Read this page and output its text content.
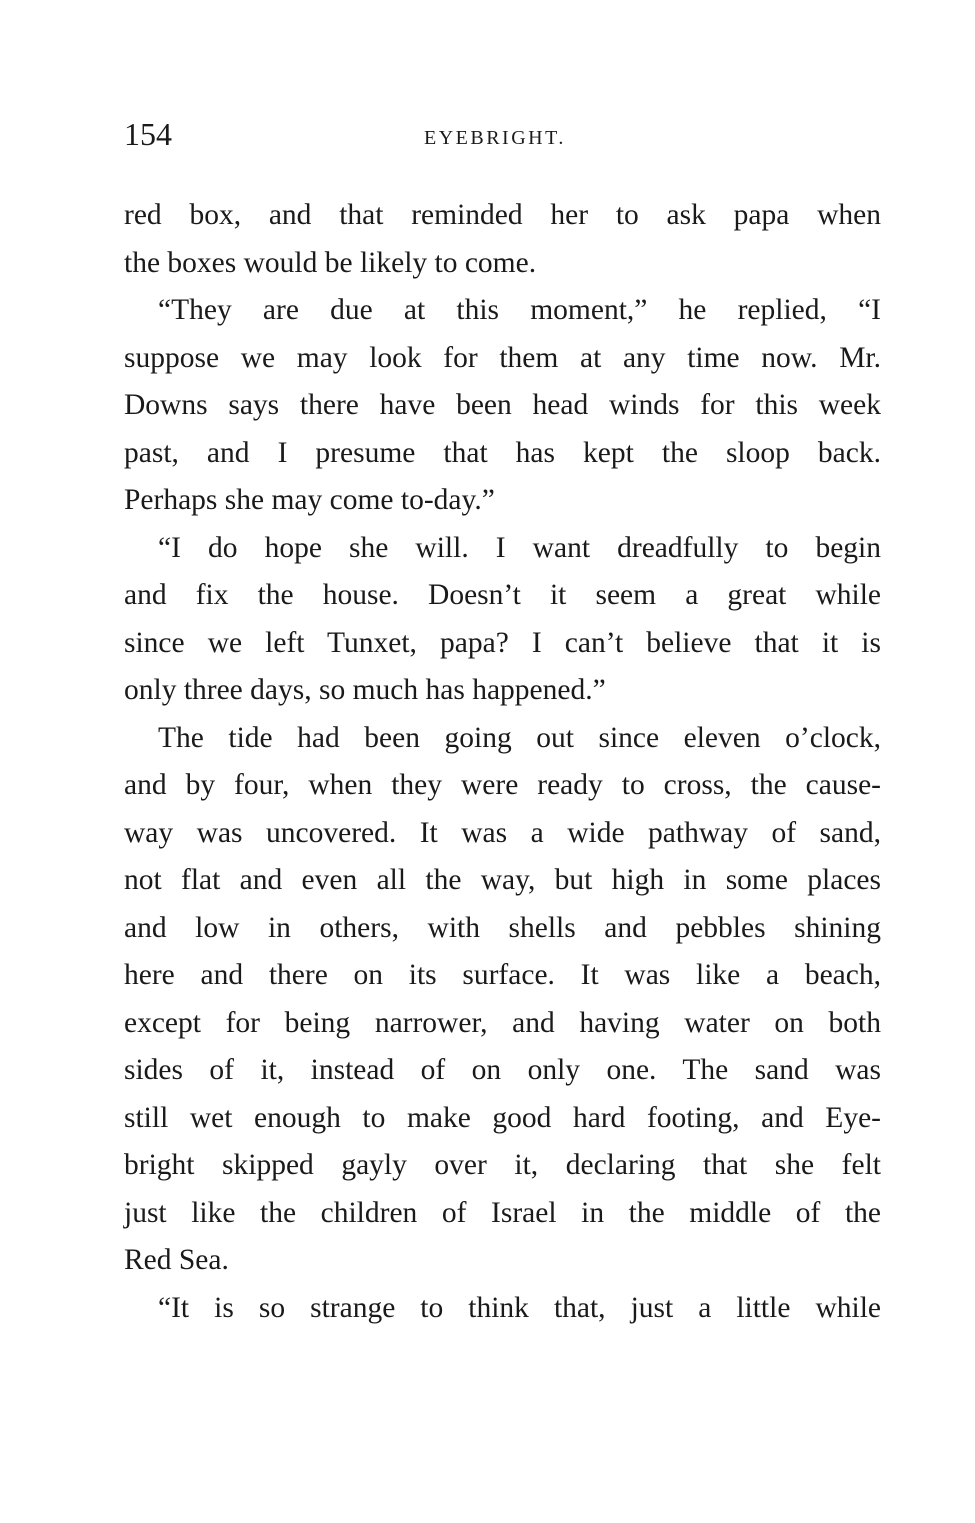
154	EYEBRIGHT.

red box, and that reminded her to ask papa when
the boxes would be likely to come.

“They are due at this moment,” he replied, “I
suppose we may look for them at any time now. Mr.
Downs says there have been head winds for this week
past, and I presume that has kept the sloop back.
Perhaps she may come to-day.”

“I do hope she will. I want dreadfully to begin
and fix the house. Doesn’t it seem a great while
since we left Tunxet, papa? I can’t believe that it is
only three days, so much has happened.”

The tide had been going out since eleven o’clock,
and by four, when they were ready to cross, the cause-
way was uncovered. It was a wide pathway of sand,
not flat and even all the way, but high in some places
and low in others, with shells and pebbles shining
here and there on its surface. It was like a beach,
except for being narrower, and having water on both
sides of it, instead of on only one. The sand was
still wet enough to make good hard footing, and Eye-
bright skipped gayly over it, declaring that she felt
just like the children of Israel in the middle of the
Red Sea.

“It is so strange to think that, just a little while
